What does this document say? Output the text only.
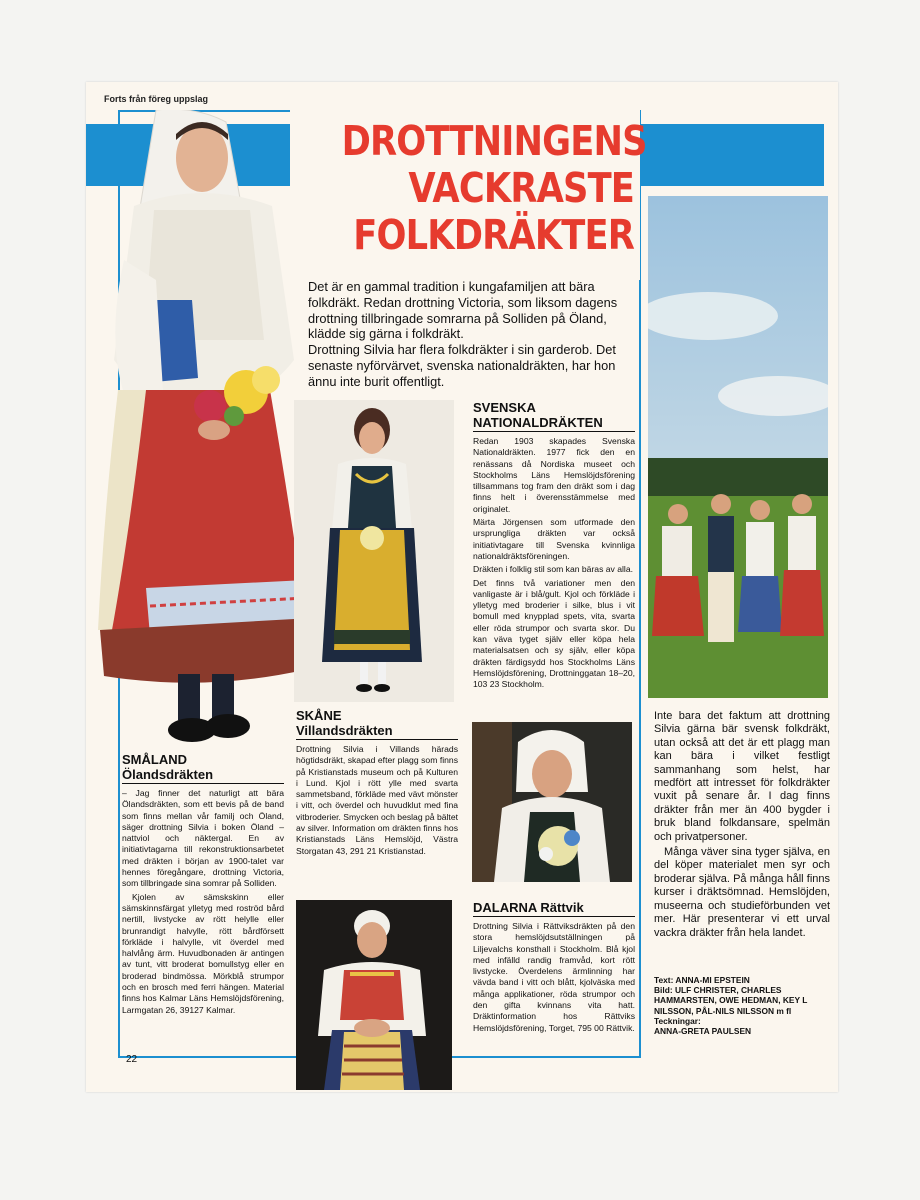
Forts från föreg uppslag
DROTTNINGENS
VACKRASTE
FOLKDRÄKTER

Det är en gammal tradition i kungafamiljen att bära folkdräkt. Redan drottning Victoria, som liksom dagens drottning tillbringade somrarna på Solliden på Öland, klädde sig gärna i folkdräkt.

Drottning Silvia har flera folkdräkter i sin garderob. Det senaste nyförvärvet, svenska nationaldräkten, har hon ännu inte burit offentligt.

SVENSKA
NATIONALDRÄKTEN

Redan 1903 skapades Svenska Nationaldräkten. 1977 fick den en renässans då Nordiska museet och Stockholms Läns Hemslöjdsförening tillsammans tog fram den dräkt som i dag finns helt i överensstämmelse med originalet.

Märta Jörgensen som utformade den ursprungliga dräkten var också initiativtagare till Svenska kvinnliga nationaldräktsföreningen.

Dräkten i folklig stil som kan bäras av alla.

Det finns två variationer men den vanligaste är i blå/gult. Kjol och förkläde i ylletyg med broderier i silke, blus i vit bomull med knypplad spets, vita, svarta eller röda strumpor och svarta skor. Du kan väva tyget själv eller köpa hela materialsatsen och sy själv, eller köpa dräkten färdigsydd hos Stockholms Läns Hemslöjdsförening, Drottninggatan 18–20, 103 23 Stockholm.

Inte bara det faktum att drottning Silvia gärna bär svensk folkdräkt, utan också att det är ett plagg man kan bära i vilket festligt sammanhang som helst, har medfört att intresset för folkdräkter vuxit på senare år. I dag finns dräkter från mer än 400 bygder i bruk bland folkdansare, spelmän och privatpersoner.

Många väver sina tyger själva, en del köper materialet men syr och broderar själva. På många håll finns kurser i dräktsömnad. Hemslöjden, museerna och studieförbunden vet mer. Här presenterar vi ett urval vackra dräkter från hela landet.

Text: ANNA-MI EPSTEIN
Bild: ULF CHRISTER, CHARLES HAMMARSTEN, OWE HEDMAN, KEY L NILSSON, PÅL-NILS NILSSON m fl
Teckningar:
ANNA-GRETA PAULSEN
SKÅNE
Villandsdräkten
Drottning Silvia i Villands härads högtidsdräkt, skapad efter plagg som finns på Kristianstads museum och på Kulturen i Lund. Kjol i rött ylle med svarta sammetsband, förkläde med vävt mönster i vitt, och överdel och huvudklut med fina vitbroderier. Smycken och beslag på bältet av silver. Information om dräkten finns hos Kristianstads Läns Hemslöjd, Västra Storgatan 43, 291 21 Kristianstad.
SMÅLAND
Ölandsdräkten

– Jag finner det naturligt att bära Ölandsdräkten, som ett bevis på de band som finns mellan vår familj och Öland, säger drottning Silvia i boken Öland – nattviol och näktergal. En av initiativtagarna till rekonstruktionsarbetet med dräkten i början av 1900-talet var hennes föregångare, drottning Victoria, som tillbringade sina somrar på Solliden.

Kjolen av sämskskinn eller sämskinnsfärgat ylletyg med roströd bård nertill, livstycke av rött helylle eller brunrandigt halvylle, rött bårdförsett förkläde i halvylle, vit överdel med halvlång ärm. Huvudbonaden är antingen av tunt, vitt broderat bomullstyg eller en broderad bindmössa. Mörkblå strumpor och en brosch med ferri hängen. Material finns hos Kalmar Läns Hemslöjdsförening, Larmgatan 26, 39127 Kalmar.

DALARNA Rättvik
Drottning Silvia i Rättviksdräkten på den stora hemslöjdsutställningen på Liljevalchs konsthall i Stockholm. Blå kjol med infälld randig framvåd, kort rött livstycke. Överdelens ärmlinning har vävda band i vitt och blått, kjolväska med många applikationer, röda strumpor och den gifta kvinnans vita hatt. Dräktinformation hos Rättviks Hemslöjdsförening, Torget, 795 00 Rättvik.
22
